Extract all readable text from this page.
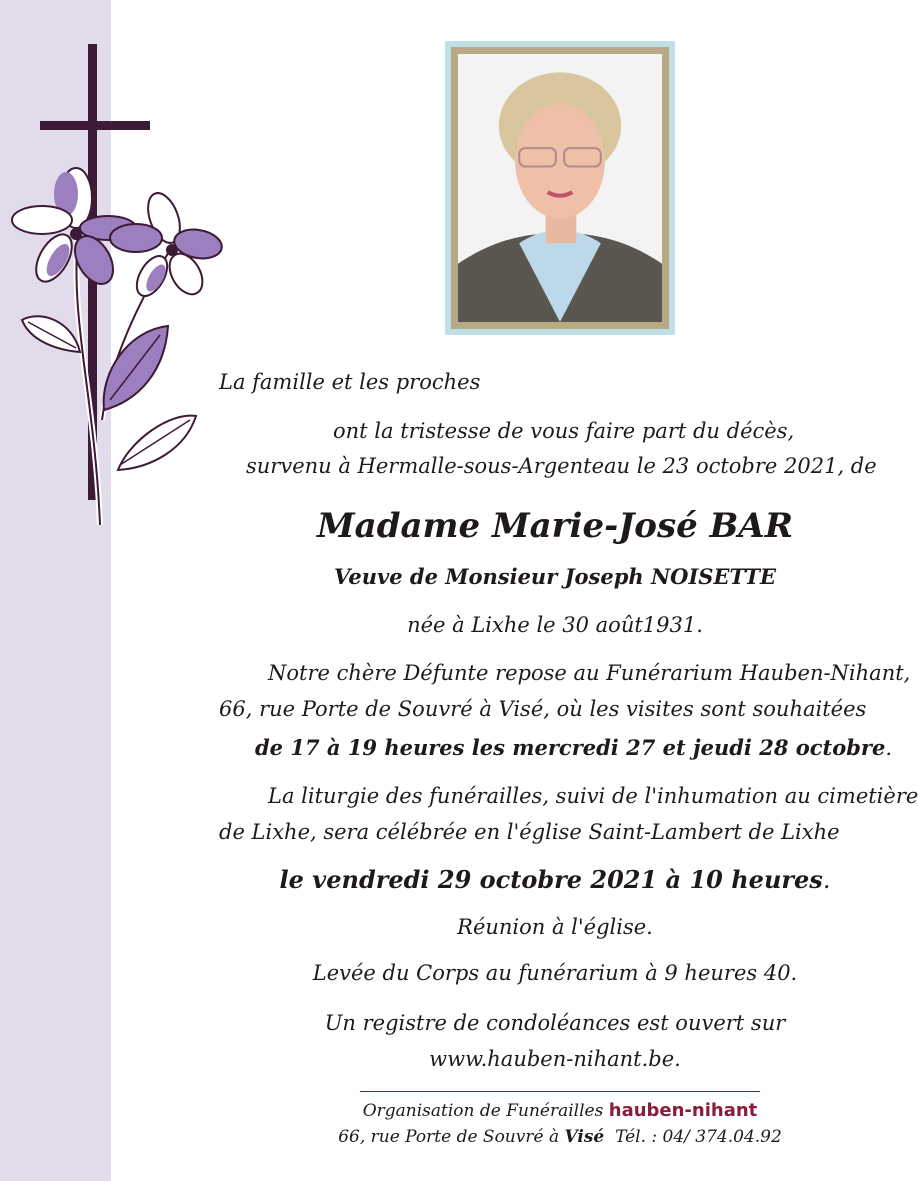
La famille et les proches
ont la tristesse de vous faire part du décès,
survenu à Hermalle-sous-Argenteau le 23 octobre 2021, de
Madame Marie-José BAR
Veuve de Monsieur Joseph NOISETTE
née à Lixhe le 30 août1931.
Notre chère Défunte repose au Funérarium Hauben-Nihant,
66, rue Porte de Souvré à Visé, où les visites sont souhaitées
de 17 à 19 heures les mercredi 27 et jeudi 28 octobre.
La liturgie des funérailles, suivi de l'inhumation au cimetière
de Lixhe, sera célébrée en l'église Saint-Lambert de Lixhe
le vendredi 29 octobre 2021 à 10 heures.
Réunion à l'église.
Levée du Corps au funérarium à 9 heures 40.
Un registre de condoléances est ouvert sur
www.hauben-nihant.be.
Organisation de Funérailles hauben-nihant
66, rue Porte de Souvré à Visé Tél. : 04/ 374.04.92
